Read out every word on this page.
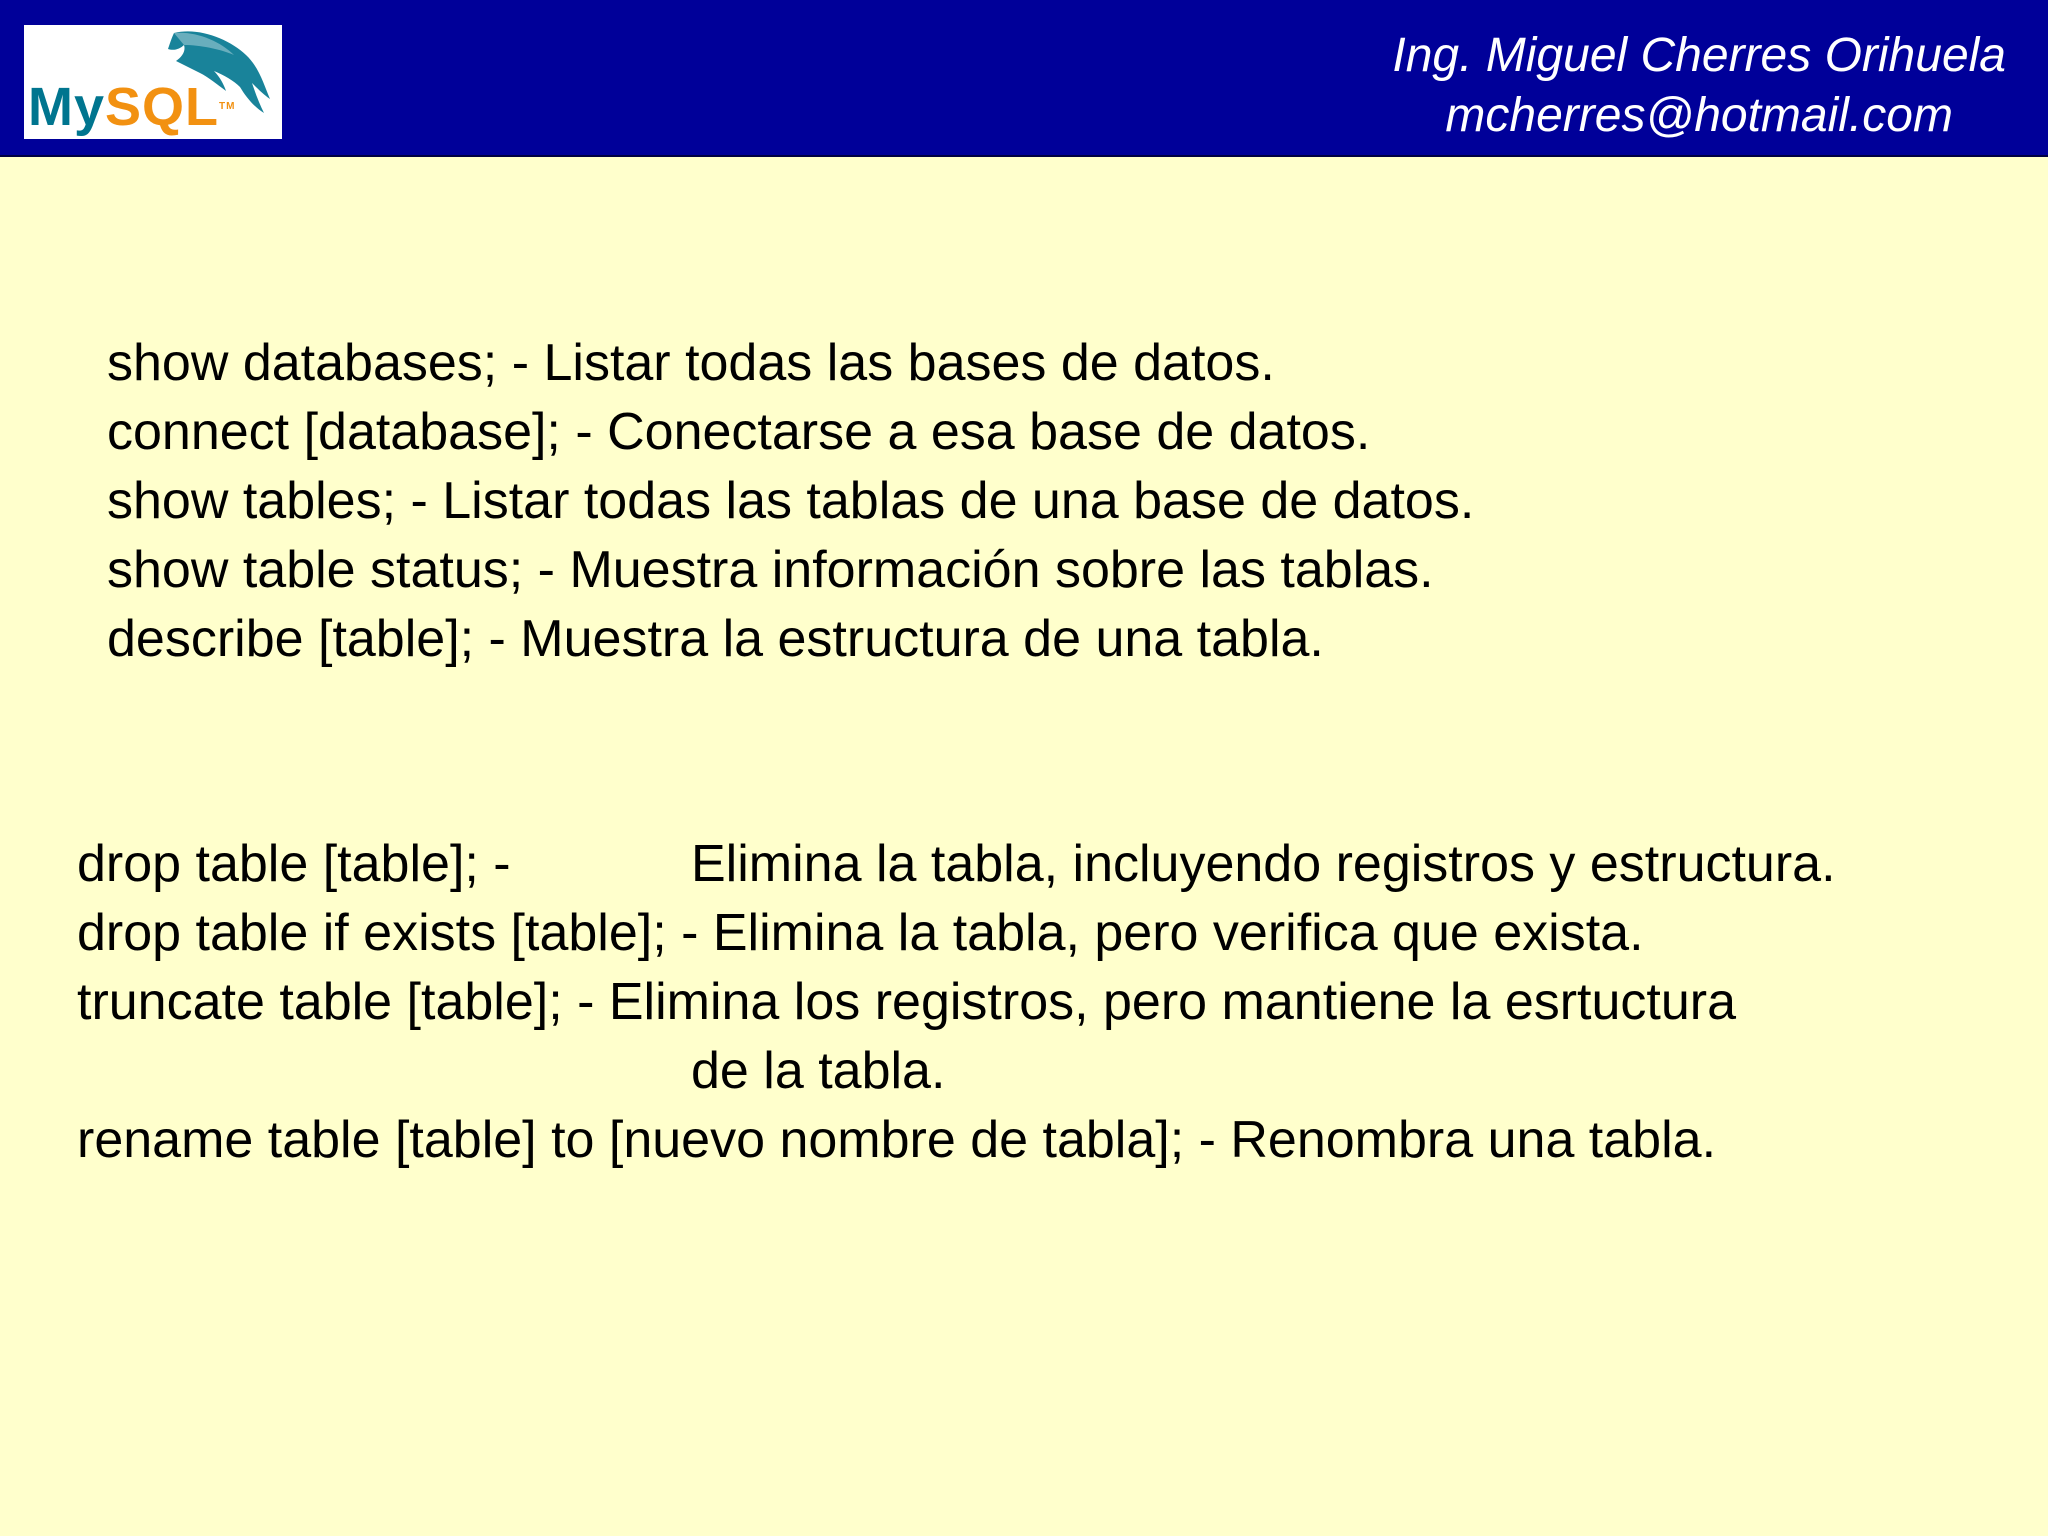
MySQL™
Ing. Miguel Cherres Orihuela
mcherres@hotmail.com
show databases; - Listar todas las bases de datos.
connect [database]; - Conectarse a esa base de datos.
show tables; - Listar todas las tablas de una base de datos.
show table status; - Muestra información sobre las tablas.
describe [table]; - Muestra la estructura de una tabla.
drop table [table]; -	Elimina la tabla, incluyendo registros y estructura.
drop table if exists [table]; - Elimina la tabla, pero verifica que exista.
truncate table [table]; - Elimina los registros, pero mantiene la esrtuctura
de la tabla.
rename table [table] to [nuevo nombre de tabla]; - Renombra una tabla.
